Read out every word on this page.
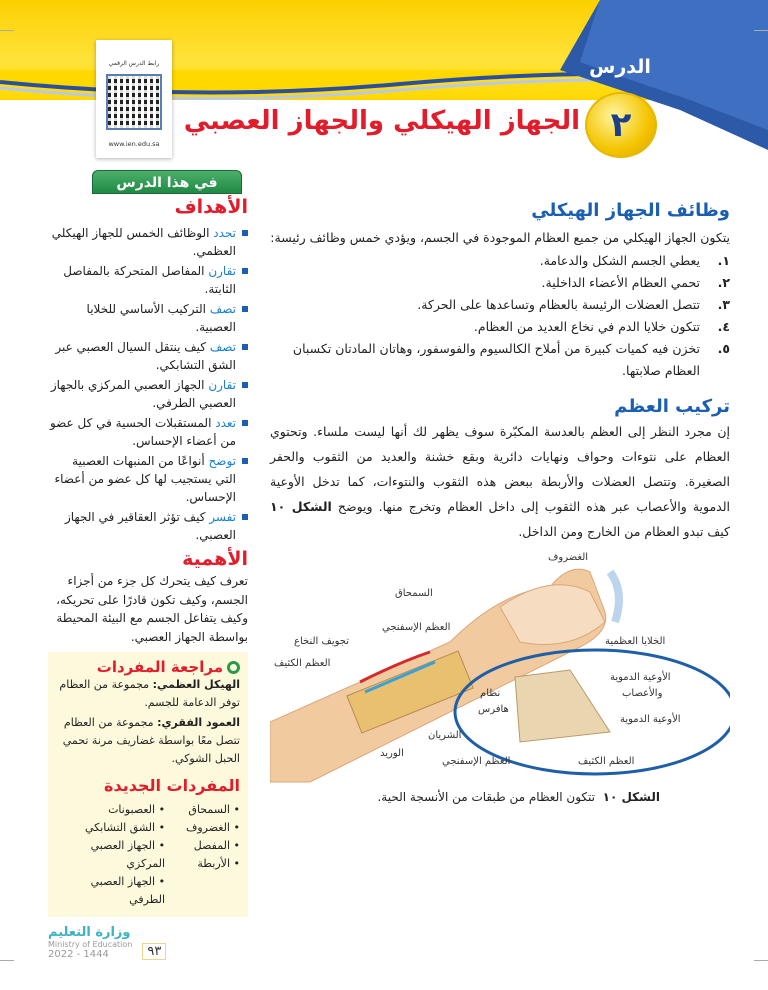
الدرس
٢
الجهاز الهيكلي والجهاز العصبي
رابط الدرس الرقمي
www.ien.edu.sa
في هذا الدرس
الأهداف
تحدد الوظائف الخمس للجهاز الهيكلي العظمي.
تقارن المفاصل المتحركة بالمفاصل الثابتة.
تصف التركيب الأساسي للخلايا العصبية.
تصف كيف ينتقل السيال العصبي عبر الشق التشابكي.
تقارن الجهاز العصبي المركزي بالجهاز العصبي الطرفي.
تعدد المستقبلات الحسية في كل عضو من أعضاء الإحساس.
توضح أنواعًا من المنبهات العصبية التي يستجيب لها كل عضو من أعضاء الإحساس.
تفسر كيف تؤثر العقاقير في الجهاز العصبي.
الأهمية
تعرف كيف يتحرك كل جزء من أجزاء الجسم، وكيف تكون قادرًا على تحريكه، وكيف يتفاعل الجسم مع البيئة المحيطة بواسطة الجهاز العصبي.
مراجعة المفردات
الهيكل العظمي: مجموعة من العظام توفر الدعامة للجسم.
العمود الفقري: مجموعة من العظام تتصل معًا بواسطة غضاريف مرنة تحمي الحبل الشوكي.
المفردات الجديدة
• السمحاق
• الغضروف
• المفصل
• الأربطة
• العصبونات
• الشق التشابكي
• الجهاز العصبي المركزي
• الجهاز العصبي الطرفي
وزارة التعليم
Ministry of Education
2022 - 1444	٩٣
وظائف الجهاز الهيكلي
يتكون الجهاز الهيكلي من جميع العظام الموجودة في الجسم، ويؤدي خمس وظائف رئيسة:
١.
يعطي الجسم الشكل والدعامة.
٢.
تحمي العظام الأعضاء الداخلية.
٣.
تتصل العضلات الرئيسة بالعظام وتساعدها على الحركة.
٤.
تتكون خلايا الدم في نخاع العديد من العظام.
٥.
تخزن فيه كميات كبيرة من أملاح الكالسيوم والفوسفور، وهاتان المادتان تكسبان العظام صلابتها.
تركيب العظم
إن مجرد النظر إلى العظم بالعدسة المكبّرة سوف يظهر لك أنها ليست ملساء. وتحتوي العظام على نتوءات وحواف ونهايات دائرية وبقع خشنة والعديد من الثقوب والحفر الصغيرة. وتتصل العضلات والأربطة ببعض هذه الثقوب والنتوءات، كما تدخل الأوعية الدموية والأعصاب عبر هذه الثقوب إلى داخل العظام وتخرج منها. ويوضح الشكل ١٠ كيف تبدو العظام من الخارج ومن الداخل.
الغضروف
السمحاق
العظم الإسفنجي
تجويف النخاع
العظم الكثيف
الخلايا العظمية
الأوعية الدموية
والأعصاب
الأوعية الدموية
نظام
هافرس
الشريان
الوريد
العظم الإسفنجي	العظم الكثيف
الشكل ١٠  تتكون العظام من طبقات من الأنسجة الحية.
